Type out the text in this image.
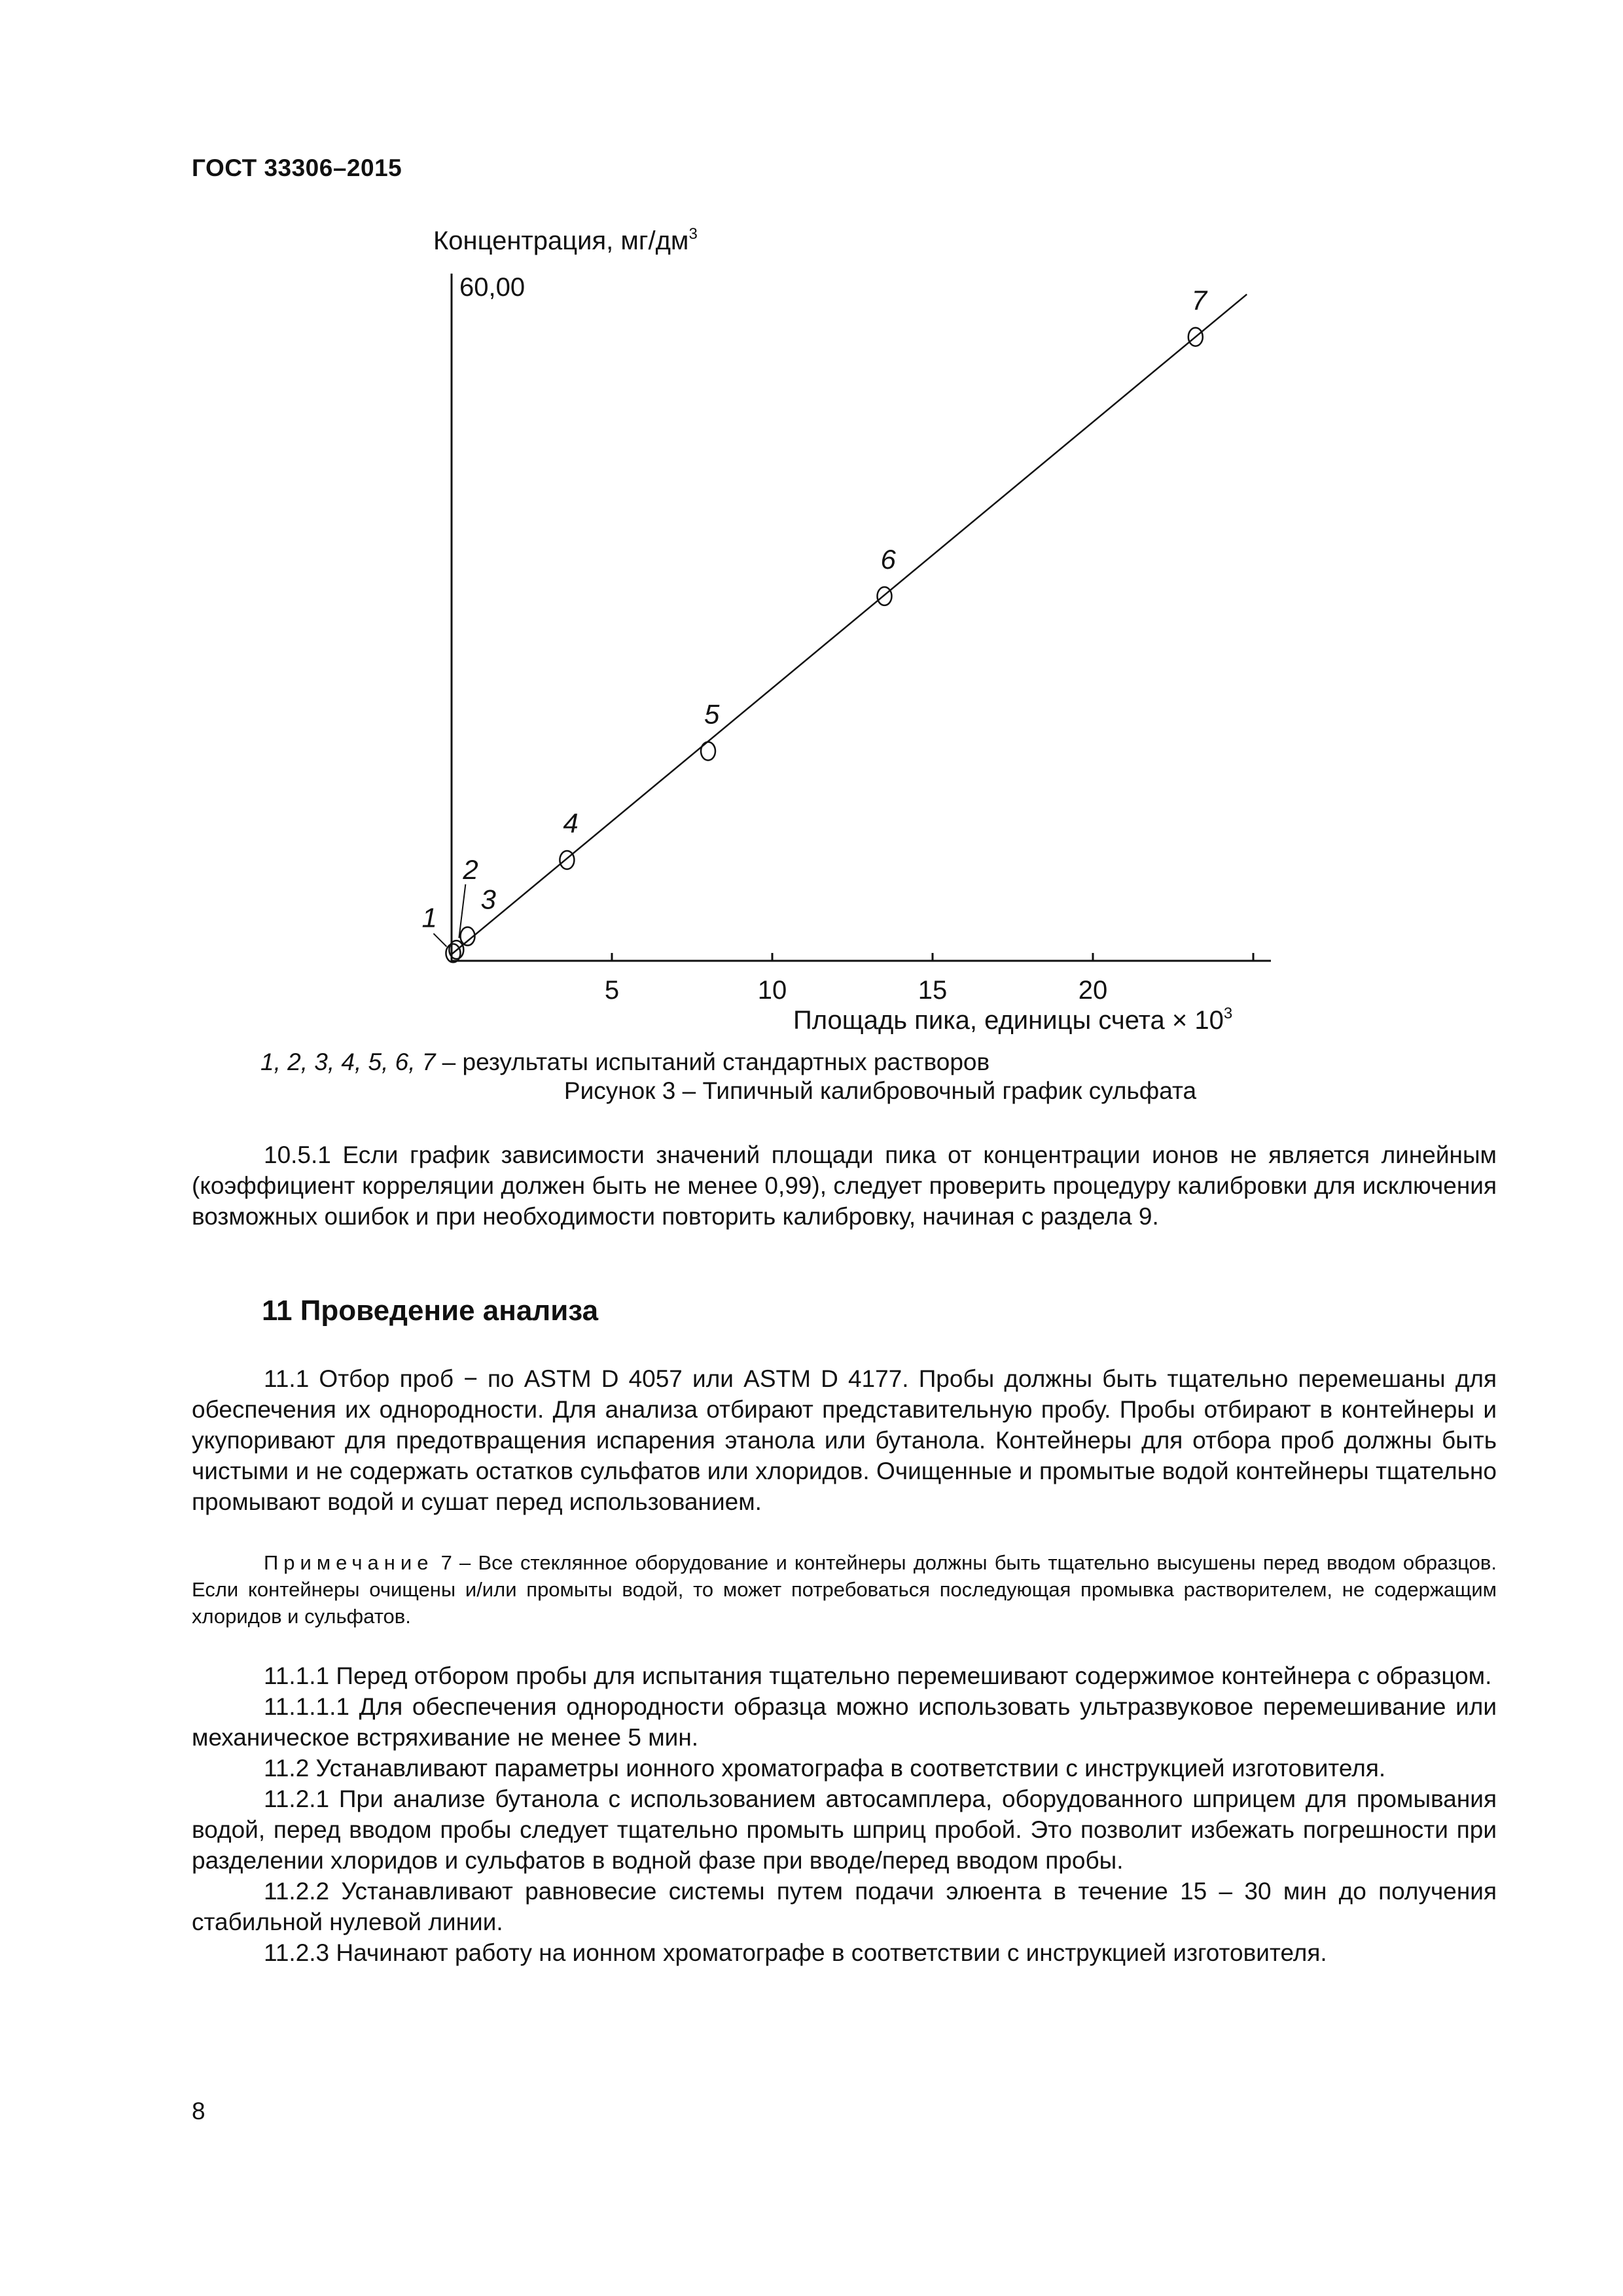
ГОСТ 33306–2015
Концентрация, $мг/дм^3$
60,00
5	10	15	20
1
2
3
4
5
6
7
Площадь пика, единицы счета × $10^3$
1, 2, 3, 4, 5, 6, 7 – результаты испытаний стандартных растворов
Рисунок 3 – Типичный калибровочный график сульфата

10.5.1 Если график зависимости значений площади пика от концентрации ионов не является линейным (коэффициент корреляции должен быть не менее 0,99), следует проверить процедуру калибровки для исключения возможных ошибок и при необходимости повторить калибровку, начиная с раздела 9.

11 Проведение анализа

11.1 Отбор проб − по ASTM D 4057 или ASTM D 4177. Пробы должны быть тщательно перемешаны для обеспечения их однородности. Для анализа отбирают представительную пробу. Пробы отбирают в контейнеры и укупоривают для предотвращения испарения этанола или бутанола. Контейнеры для отбора проб должны быть чистыми и не содержать остатков сульфатов или хлоридов. Очищенные и промытые водой контейнеры тщательно промывают водой и сушат перед использованием.

Примечание 7 – Все стеклянное оборудование и контейнеры должны быть тщательно высушены перед вводом образцов. Если контейнеры очищены и/или промыты водой, то может потребоваться последующая промывка растворителем, не содержащим хлоридов и сульфатов.

11.1.1 Перед отбором пробы для испытания тщательно перемешивают содержимое контейнера с образцом.

11.1.1.1 Для обеспечения однородности образца можно использовать ультразвуковое перемешивание или механическое встряхивание не менее 5 мин.

11.2 Устанавливают параметры ионного хроматографа в соответствии с инструкцией изготовителя.

11.2.1 При анализе бутанола с использованием автосамплера, оборудованного шприцем для промывания водой, перед вводом пробы следует тщательно промыть шприц пробой. Это позволит избежать погрешности при разделении хлоридов и сульфатов в водной фазе при вводе/перед вводом пробы.

11.2.2 Устанавливают равновесие системы путем подачи элюента в течение 15 – 30 мин до получения стабильной нулевой линии.

11.2.3 Начинают работу на ионном хроматографе в соответствии с инструкцией изготовителя.

8
